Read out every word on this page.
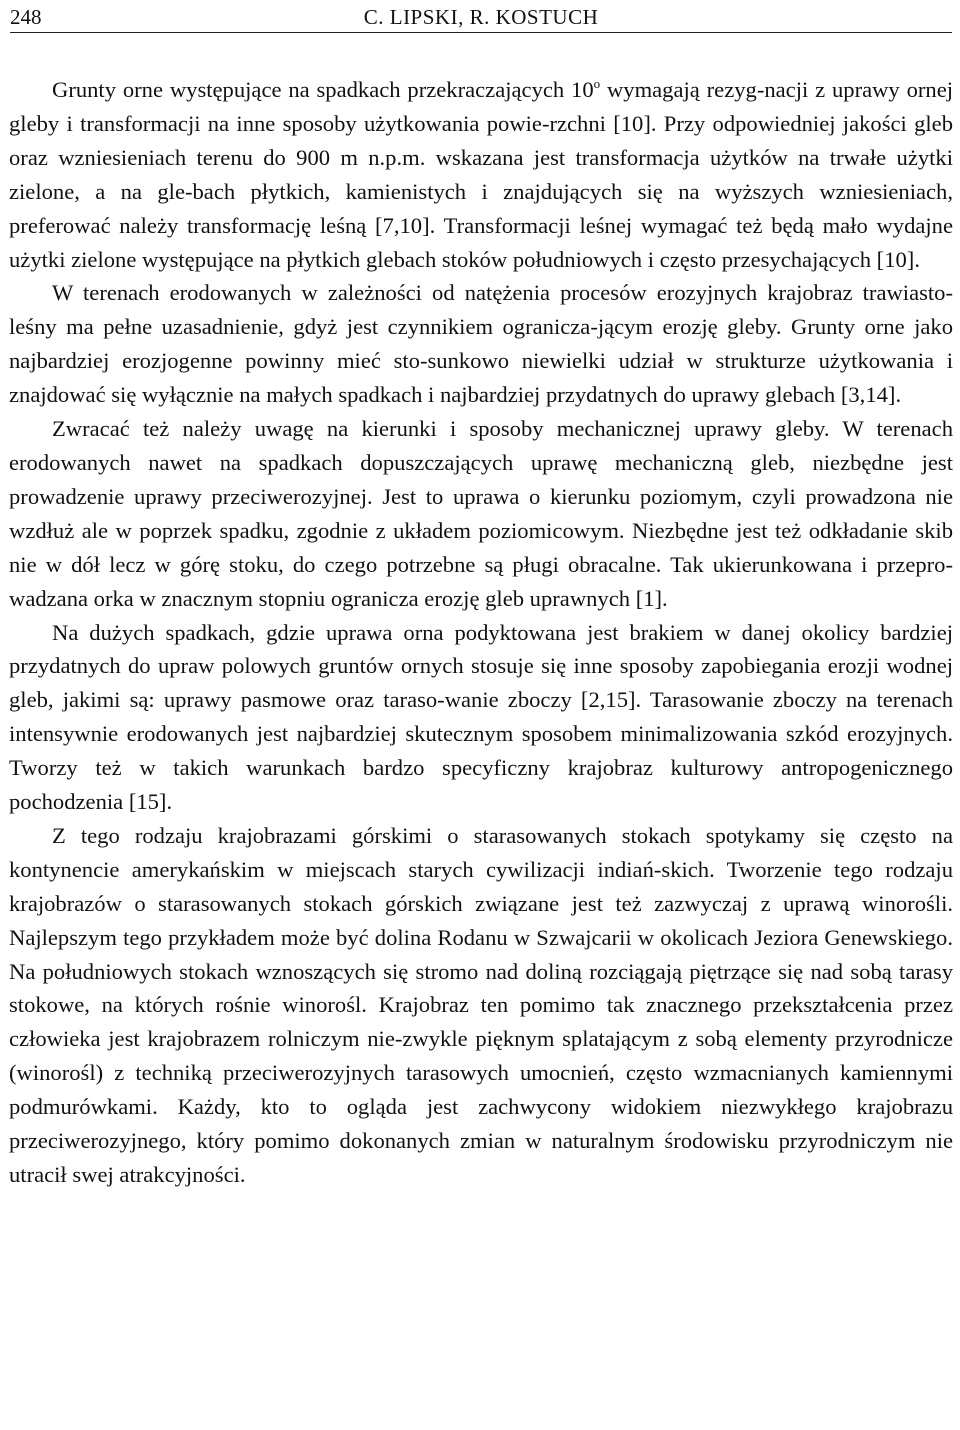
248	C. LIPSKI, R. KOSTUCH

Grunty orne występujące na spadkach przekraczających 10$^o$ wymagają rezyg-nacji z uprawy ornej gleby i transformacji na inne sposoby użytkowania powie-rzchni [10]. Przy odpowiedniej jakości gleb oraz wzniesieniach terenu do 900 m n.p.m. wskazana jest transformacja użytków na trwałe użytki zielone, a na gle-bach płytkich, kamienistych i znajdujących się na wyższych wzniesieniach, preferować należy transformację leśną [7,10]. Transformacji leśnej wymagać też będą mało wydajne użytki zielone występujące na płytkich glebach stoków południowych i często przesychających [10].

W terenach erodowanych w zależności od natężenia procesów erozyjnych krajobraz trawiasto-leśny ma pełne uzasadnienie, gdyż jest czynnikiem ogranicza-jącym erozję gleby. Grunty orne jako najbardziej erozjogenne powinny mieć sto-sunkowo niewielki udział w strukturze użytkowania i znajdować się wyłącznie na małych spadkach i najbardziej przydatnych do uprawy glebach [3,14].

Zwracać też należy uwagę na kierunki i sposoby mechanicznej uprawy gleby. W terenach erodowanych nawet na spadkach dopuszczających uprawę mechaniczną gleb, niezbędne jest prowadzenie uprawy przeciwerozyjnej. Jest to uprawa o kierunku poziomym, czyli prowadzona nie wzdłuż ale w poprzek spadku, zgodnie z układem poziomicowym. Niezbędne jest też odkładanie skib nie w dół lecz w górę stoku, do czego potrzebne są pługi obracalne. Tak ukierunkowana i przepro-wadzana orka w znacznym stopniu ogranicza erozję gleb uprawnych [1].

Na dużych spadkach, gdzie uprawa orna podyktowana jest brakiem w danej okolicy bardziej przydatnych do upraw polowych gruntów ornych stosuje się inne sposoby zapobiegania erozji wodnej gleb, jakimi są: uprawy pasmowe oraz taraso-wanie zboczy [2,15]. Tarasowanie zboczy na terenach intensywnie erodowanych jest najbardziej skutecznym sposobem minimalizowania szkód erozyjnych. Tworzy też w takich warunkach bardzo specyficzny krajobraz kulturowy antropogenicznego pochodzenia [15].

Z tego rodzaju krajobrazami górskimi o starasowanych stokach spotykamy się często na kontynencie amerykańskim w miejscach starych cywilizacji indiań-skich. Tworzenie tego rodzaju krajobrazów o starasowanych stokach górskich związane jest też zazwyczaj z uprawą winorośli. Najlepszym tego przykładem może być dolina Rodanu w Szwajcarii w okolicach Jeziora Genewskiego. Na południowych stokach wznoszących się stromo nad doliną rozciągają piętrzące się nad sobą tarasy stokowe, na których rośnie winorośl. Krajobraz ten pomimo tak znacznego przekształcenia przez człowieka jest krajobrazem rolniczym nie-zwykle pięknym splatającym z sobą elementy przyrodnicze (winorośl) z techniką przeciwerozyjnych tarasowych umocnień, często wzmacnianych kamiennymi podmurówkami. Każdy, kto to ogląda jest zachwycony widokiem niezwykłego krajobrazu przeciwerozyjnego, który pomimo dokonanych zmian w naturalnym środowisku przyrodniczym nie utracił swej atrakcyjności.
